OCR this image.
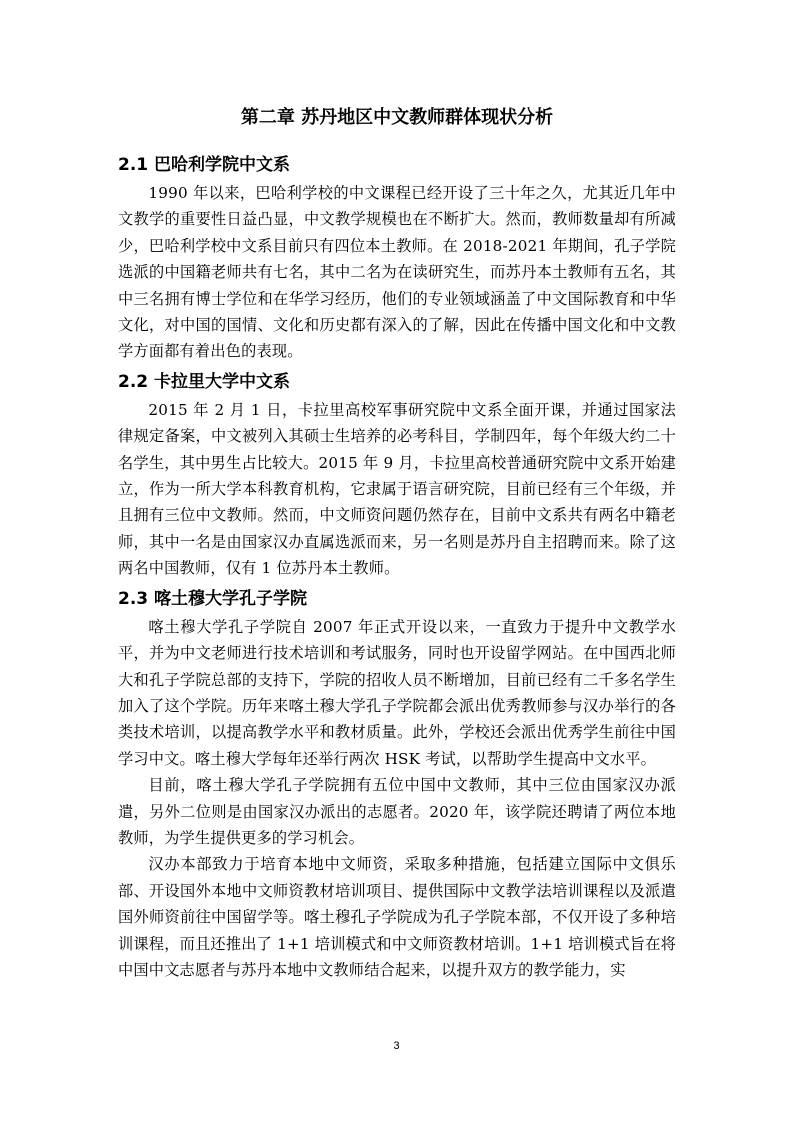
第二章 苏丹地区中文教师群体现状分析
2.1 巴哈利学院中文系

1990 年以来，巴哈利学校的中文课程已经开设了三十年之久，尤其近几年中文教学的重要性日益凸显，中文教学规模也在不断扩大。然而，教师数量却有所减少，巴哈利学校中文系目前只有四位本土教师。在 2018-2021 年期间，孔子学院选派的中国籍老师共有七名，其中二名为在读研究生，而苏丹本土教师有五名，其中三名拥有博士学位和在华学习经历，他们的专业领域涵盖了中文国际教育和中华文化，对中国的国情、文化和历史都有深入的了解，因此在传播中国文化和中文教学方面都有着出色的表现。

2.2 卡拉里大学中文系

2015 年 2 月 1 日，卡拉里高校军事研究院中文系全面开课，并通过国家法律规定备案，中文被列入其硕士生培养的必考科目，学制四年，每个年级大约二十名学生，其中男生占比较大。2015 年 9 月，卡拉里高校普通研究院中文系开始建立，作为一所大学本科教育机构，它隶属于语言研究院，目前已经有三个年级，并且拥有三位中文教师。然而，中文师资问题仍然存在，目前中文系共有两名中籍老师，其中一名是由国家汉办直属选派而来，另一名则是苏丹自主招聘而来。除了这两名中国教师，仅有 1 位苏丹本土教师。

2.3 喀土穆大学孔子学院

喀土穆大学孔子学院自 2007 年正式开设以来，一直致力于提升中文教学水平，并为中文老师进行技术培训和考试服务，同时也开设留学网站。在中国西北师大和孔子学院总部的支持下，学院的招收人员不断增加，目前已经有二千多名学生加入了这个学院。历年来喀土穆大学孔子学院都会派出优秀教师参与汉办举行的各类技术培训，以提高教学水平和教材质量。此外，学校还会派出优秀学生前往中国学习中文。喀土穆大学每年还举行两次 HSK 考试，以帮助学生提高中文水平。

目前，喀土穆大学孔子学院拥有五位中国中文教师，其中三位由国家汉办派遣，另外二位则是由国家汉办派出的志愿者。2020 年，该学院还聘请了两位本地教师，为学生提供更多的学习机会。

汉办本部致力于培育本地中文师资，采取多种措施，包括建立国际中文俱乐部、开设国外本地中文师资教材培训项目、提供国际中文教学法培训课程以及派遣国外师资前往中国留学等。喀土穆孔子学院成为孔子学院本部，不仅开设了多种培训课程，而且还推出了 1+1 培训模式和中文师资教材培训。1+1 培训模式旨在将中国中文志愿者与苏丹本地中文教师结合起来，以提升双方的教学能力，实

3
